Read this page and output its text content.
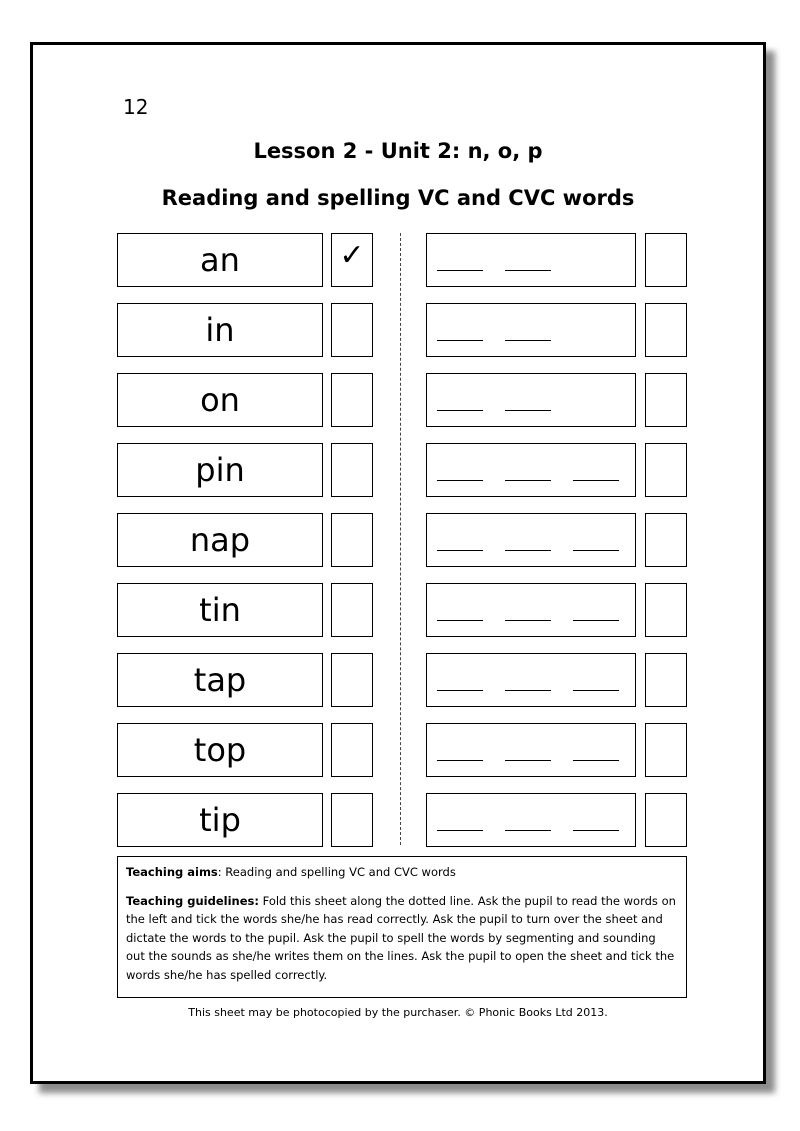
12
Lesson 2 - Unit 2: n, o, p
Reading and spelling VC and CVC words
an	✓
in
on
pin
nap
tin
tap
top
tip

Teaching aims: Reading and spelling VC and CVC words

Teaching guidelines: Fold this sheet along the dotted line. Ask the pupil to read the words on the left and tick the words she/he has read correctly. Ask the pupil to turn over the sheet and dictate the words to the pupil. Ask the pupil to spell the words by segmenting and sounding out the sounds as she/he writes them on the lines. Ask the pupil to open the sheet and tick the words she/he has spelled correctly.

This sheet may be photocopied by the purchaser. © Phonic Books Ltd 2013.
